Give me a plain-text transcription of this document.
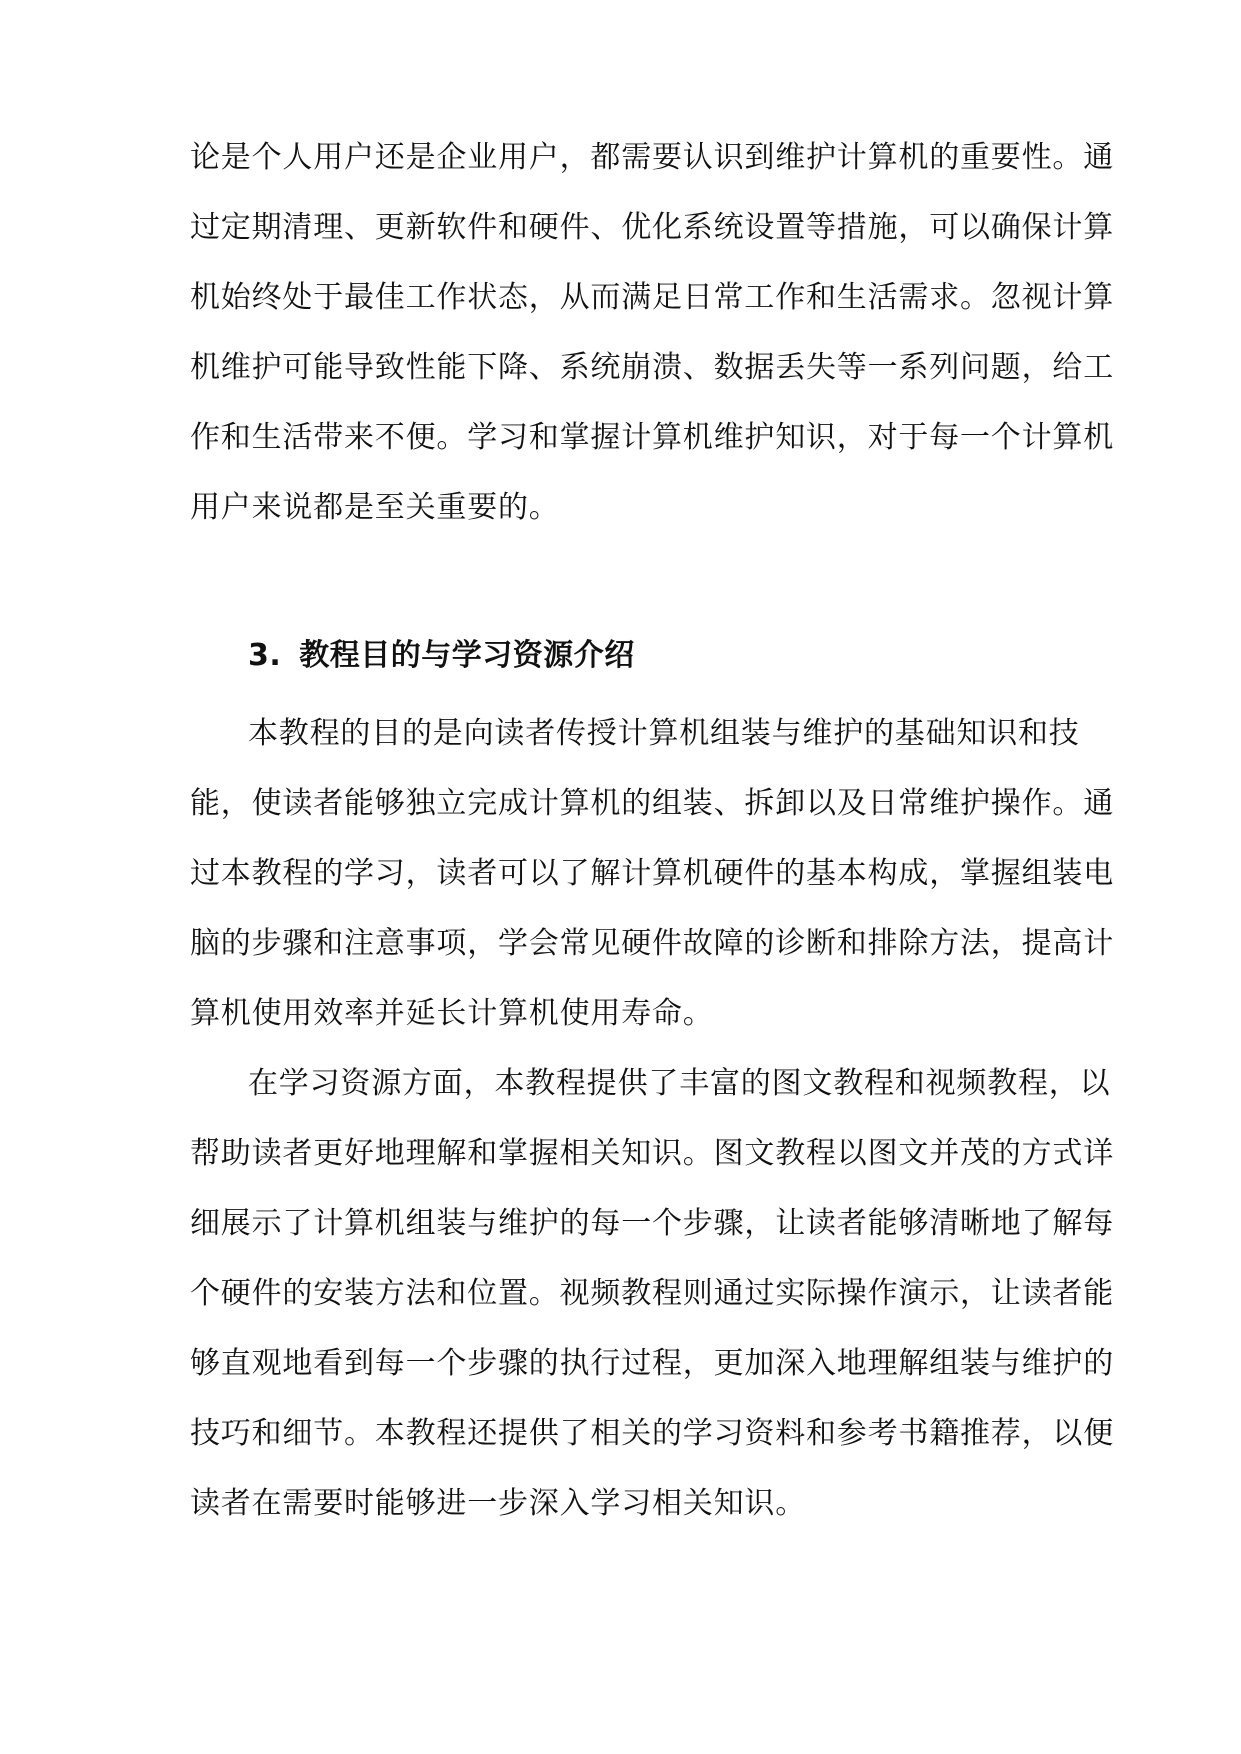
论是个人用户还是企业用户，都需要认识到维护计算机的重要性。通
过定期清理、更新软件和硬件、优化系统设置等措施，可以确保计算
机始终处于最佳工作状态，从而满足日常工作和生活需求。忽视计算
机维护可能导致性能下降、系统崩溃、数据丢失等一系列问题，给工
作和生活带来不便。学习和掌握计算机维护知识，对于每一个计算机
用户来说都是至关重要的。
3. 教程目的与学习资源介绍
本教程的目的是向读者传授计算机组装与维护的基础知识和技
能，使读者能够独立完成计算机的组装、拆卸以及日常维护操作。通
过本教程的学习，读者可以了解计算机硬件的基本构成，掌握组装电
脑的步骤和注意事项，学会常见硬件故障的诊断和排除方法，提高计
算机使用效率并延长计算机使用寿命。
在学习资源方面，本教程提供了丰富的图文教程和视频教程，以
帮助读者更好地理解和掌握相关知识。图文教程以图文并茂的方式详
细展示了计算机组装与维护的每一个步骤，让读者能够清晰地了解每
个硬件的安装方法和位置。视频教程则通过实际操作演示，让读者能
够直观地看到每一个步骤的执行过程，更加深入地理解组装与维护的
技巧和细节。本教程还提供了相关的学习资料和参考书籍推荐，以便
读者在需要时能够进一步深入学习相关知识。
